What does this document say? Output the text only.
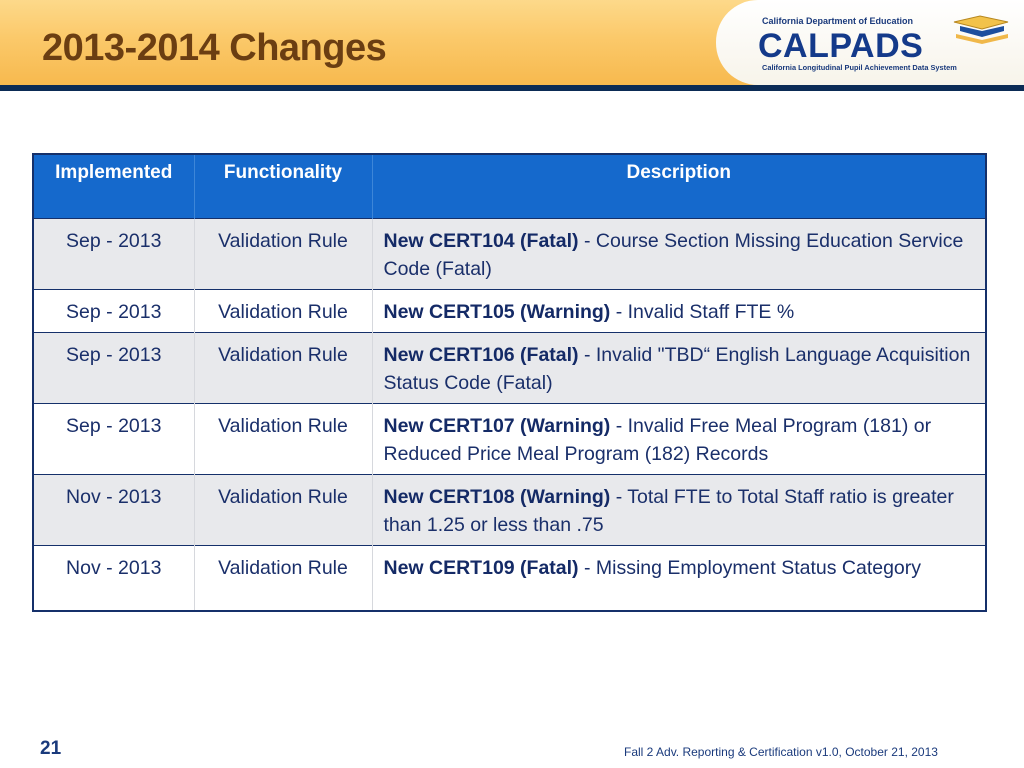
2013-2014 Changes
California Department of Education
CALPADS
California Longitudinal Pupil Achievement Data System
Implemented	Functionality	Description
Sep - 2013	Validation Rule	New CERT104 (Fatal) - Course Section Missing Education Service Code (Fatal)
Sep - 2013	Validation Rule	New CERT105 (Warning) - Invalid Staff FTE %
Sep - 2013	Validation Rule	New CERT106 (Fatal) - Invalid "TBD“ English Language Acquisition Status Code (Fatal)
Sep - 2013	Validation Rule	New CERT107 (Warning) - Invalid Free Meal Program (181) or Reduced Price Meal Program (182) Records
Nov - 2013	Validation Rule	New CERT108 (Warning) - Total FTE to Total Staff ratio is greater than 1.25 or less than .75
Nov - 2013	Validation Rule	New CERT109 (Fatal) - Missing Employment Status Category
21	Fall 2 Adv. Reporting & Certification v1.0, October 21, 2013
